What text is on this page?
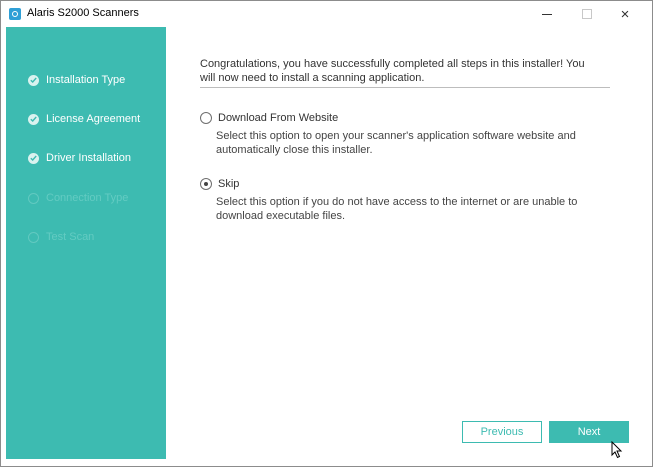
Alaris S2000 Scanners	×
Installation Type
License Agreement
Driver Installation
Connection Type
Test Scan
Congratulations, you have successfully completed all steps in this installer! You will now need to install a scanning application.
Download From Website
Select this option to open your scanner's application software website and automatically close this installer.
Skip
Select this option if you do not have access to the internet or are unable to download executable files.
Previous	Next
